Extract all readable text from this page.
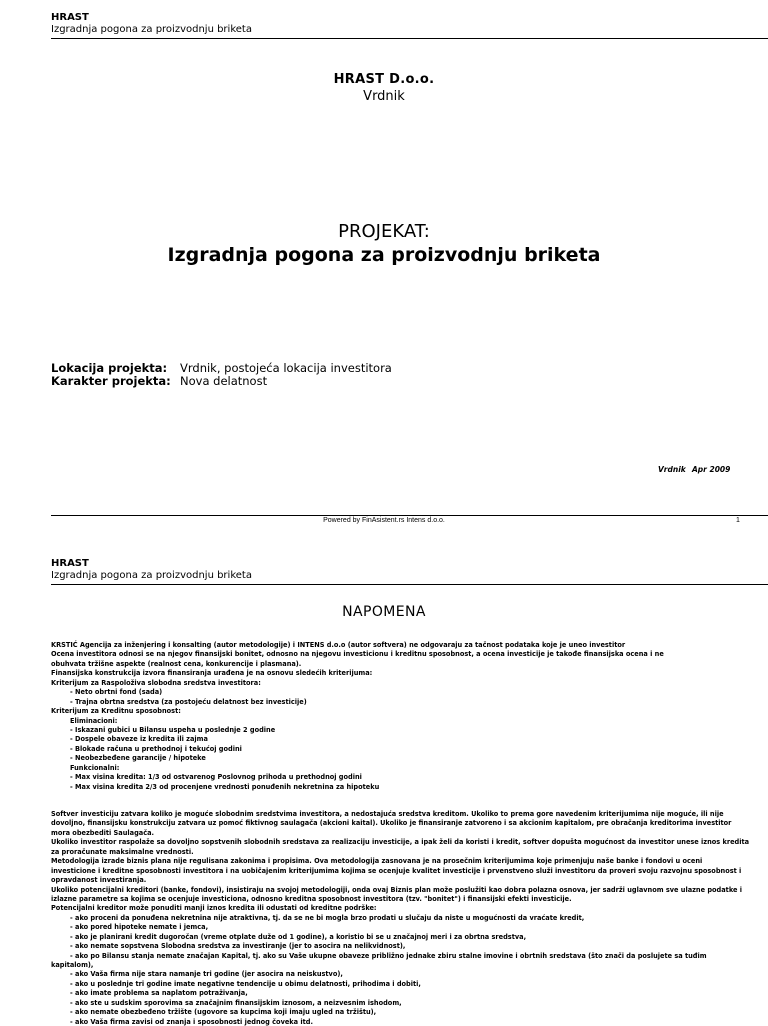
HRAST
Izgradnja pogona za proizvodnju briketa
HRAST D.o.o.
Vrdnik
PROJEKAT:
Izgradnja pogona za proizvodnju briketa
Lokacija projekta: Vrdnik, postojeća lokacija investitora
Karakter projekta: Nova delatnost
Vrdnik Apr 2009
Powered by FinAsistent.rs Intens d.o.o.	1
HRAST
Izgradnja pogona za proizvodnju briketa
NAPOMENA
KRSTIĆ Agencija za inženjering i konsalting (autor metodologije) i INTENS d.o.o (autor softvera) ne odgovaraju za tačnost podataka koje je uneo investitor
Ocena investitora odnosi se na njegov finansijski bonitet, odnosno na njegovu investicionu i kreditnu sposobnost, a ocena investicije je takođe finansijska ocena i ne
obuhvata tržišne aspekte (realnost cena, konkurencije i plasmana).
Finansijska konstrukcija izvora finansiranja urađena je na osnovu sledećih kriterijuma:
Kriterijum za Raspoloživa slobodna sredstva investitora:
- Neto obrtni fond (sada)
- Trajna obrtna sredstva (za postojeću delatnost bez investicije)
Kriterijum za Kreditnu sposobnost:
Eliminacioni:
- Iskazani gubici u Bilansu uspeha u poslednje 2 godine
- Dospele obaveze iz kredita ili zajma
- Blokade računa u prethodnoj i tekućoj godini
- Neobezbeđene garancije / hipoteke
Funkcionalni:
- Max visina kredita: 1/3 od ostvarenog Poslovnog prihoda u prethodnoj godini
- Max visina kredita 2/3 od procenjene vrednosti ponuđenih nekretnina za hipoteku
Softver investiciju zatvara koliko je moguće slobodnim sredstvima investitora, a nedostajuća sredstva kreditom. Ukoliko to prema gore navedenim kriterijumima nije moguće, ili nije
dovoljno, finansijsku konstrukciju zatvara uz pomoć fiktivnog saulagača (akcioni kaital). Ukoliko je finansiranje zatvoreno i sa akcionim kapitalom, pre obračanja kreditorima investitor
mora obezbediti Saulagača.
Ukoliko investitor raspolaže sa dovoljno sopstvenih slobodnih sredstava za realizaciju investicije, a ipak želi da koristi i kredit, softver dopušta mogućnost da investitor unese iznos kredita
za proračunate maksimalne vrednosti.
Metodologija izrade biznis plana nije regulisana zakonima i propisima. Ova metodologija zasnovana je na prosečnim kriterijumima koje primenjuju naše banke i fondovi u oceni
investicione i kreditne sposobnosti investitora i na uobičajenim kriterijumima kojima se ocenjuje kvalitet investicije i prvenstveno služi investitoru da proveri svoju razvojnu sposobnost i
opravdanost investiranja.
Ukoliko potencijalni kreditori (banke, fondovi), insistiraju na svojoj metodologiji, onda ovaj Biznis plan može poslužiti kao dobra polazna osnova, jer sadrži uglavnom sve ulazne podatke i
izlazne parametre sa kojima se ocenjuje investiciona, odnosno kreditna sposobnost investitora (tzv. "bonitet") i finansijski efekti investicije.
Potencijalni kreditor može ponuditi manji iznos kredita ili odustati od kreditne podrške:
- ako proceni da ponuđena nekretnina nije atraktivna, tj. da se ne bi mogla brzo prodati u slučaju da niste u mogućnosti da vraćate kredit,
- ako pored hipoteke nemate i jemca,
- ako je planirani kredit dugoročan (vreme otplate duže od 1 godine), a koristio bi se u značajnoj meri i za obrtna sredstva,
- ako nemate sopstvena Slobodna sredstva za investiranje (jer to asocira na nelikvidnost),
- ako po Bilansu stanja nemate značajan Kapital, tj. ako su Vaše ukupne obaveze približno jednake zbiru stalne imovine i obrtnih sredstava (što znači da poslujete sa tuđim
kapitalom),
- ako Vaša firma nije stara namanje tri godine (jer asocira na neiskustvo),
- ako u poslednje tri godine imate negativne tendencije u obimu delatnosti, prihodima i dobiti,
- ako imate problema sa naplatom potraživanja,
- ako ste u sudskim sporovima sa značajnim finansijskim iznosom, a neizvesnim ishodom,
- ako nemate obezbeđeno tržište (ugovore sa kupcima koji imaju ugled na tržištu),
- ako Vaša firma zavisi od znanja i sposobnosti jednog čoveka itd.
